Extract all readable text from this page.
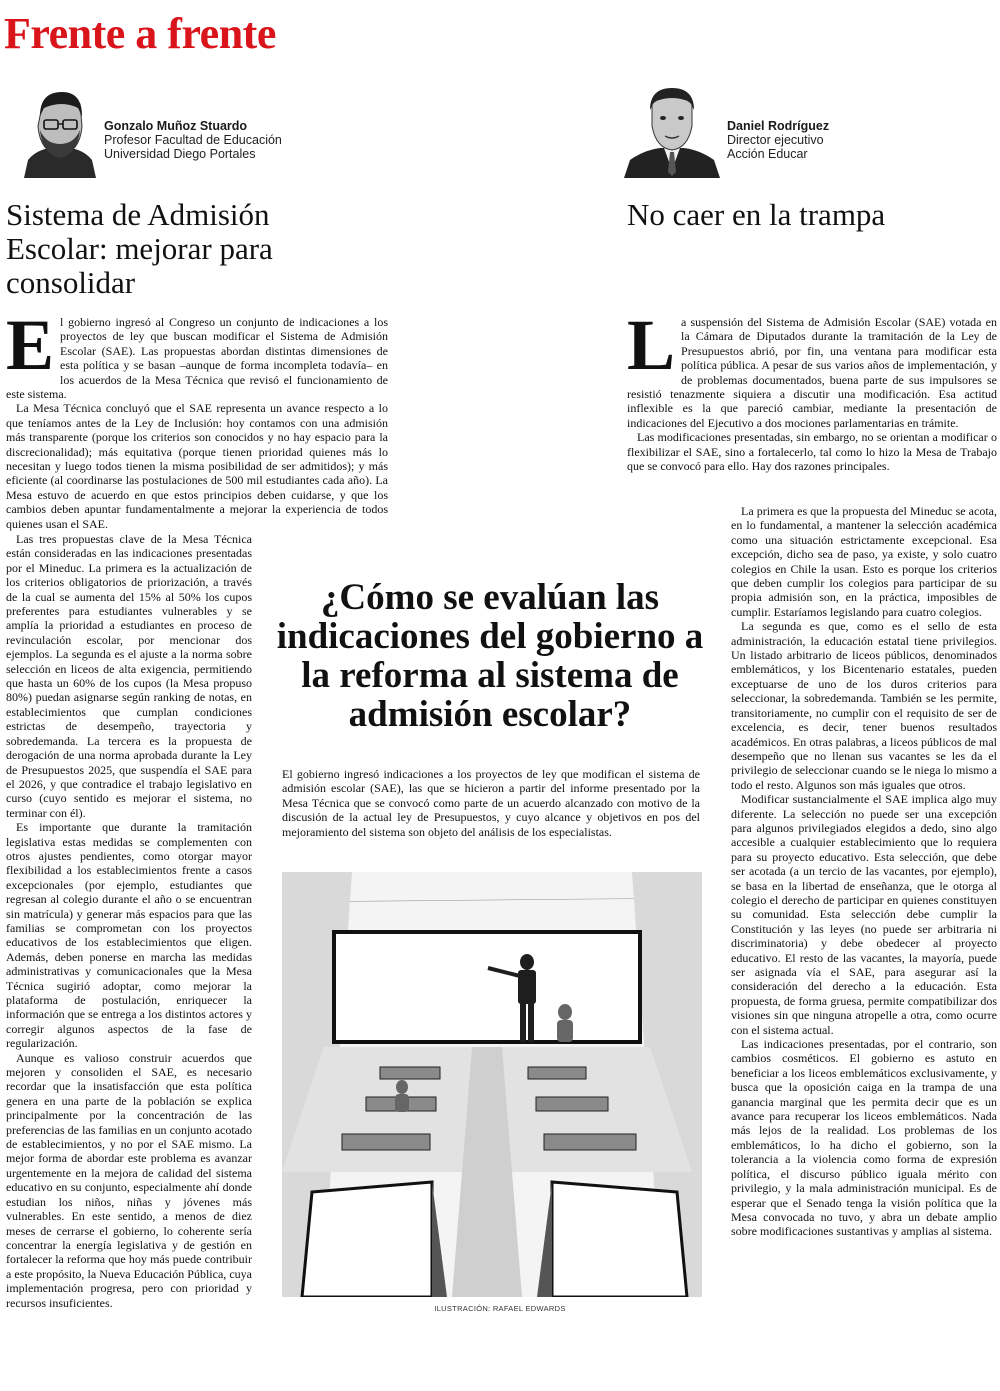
Frente a frente
Gonzalo Muñoz Stuardo
Profesor Facultad de Educación
Universidad Diego Portales
Daniel Rodríguez
Director ejecutivo
Acción Educar
Sistema de Admisión Escolar: mejorar para consolidar
No caer en la trampa
E l gobierno ingresó al Congreso un conjunto de indicaciones a los proyectos de ley que buscan modificar el Sistema de Admisión Escolar (SAE). Las propuestas abordan distintas dimensiones de esta política y se basan –aunque de forma incompleta todavía– en los acuerdos de la Mesa Técnica que revisó el funcionamiento de este sistema.

La Mesa Técnica concluyó que el SAE representa un avance respecto a lo que teníamos antes de la Ley de Inclusión: hoy contamos con una admisión más transparente (porque los criterios son conocidos y no hay espacio para la discrecionalidad); más equitativa (porque tienen prioridad quienes más lo necesitan y luego todos tienen la misma posibilidad de ser admitidos); y más eficiente (al coordinarse las postulaciones de 500 mil estudiantes cada año). La Mesa estuvo de acuerdo en que estos principios deben cuidarse, y que los cambios deben apuntar fundamentalmente a mejorar la experiencia de todos quienes usan el SAE.

Las tres propuestas clave de la Mesa Técnica están consideradas en las indicaciones presentadas por el Mineduc. La primera es la actualización de los criterios obligatorios de priorización, a través de la cual se aumenta del 15% al 50% los cupos preferentes para estudiantes vulnerables y se amplía la prioridad a estudiantes en proceso de revinculación escolar, por mencionar dos ejemplos. La segunda es el ajuste a la norma sobre selección en liceos de alta exigencia, permitiendo que hasta un 60% de los cupos (la Mesa propuso 80%) puedan asignarse según ranking de notas, en establecimientos que cumplan condiciones estrictas de desempeño, trayectoria y sobredemanda. La tercera es la propuesta de derogación de una norma aprobada durante la Ley de Presupuestos 2025, que suspendía el SAE para el 2026, y que contradice el trabajo legislativo en curso (cuyo sentido es mejorar el sistema, no terminar con él).

Es importante que durante la tramitación legislativa estas medidas se complementen con otros ajustes pendientes, como otorgar mayor flexibilidad a los establecimientos frente a casos excepcionales (por ejemplo, estudiantes que regresan al colegio durante el año o se encuentran sin matrícula) y generar más espacios para que las familias se comprometan con los proyectos educativos de los establecimientos que eligen. Además, deben ponerse en marcha las medidas administrativas y comunicacionales que la Mesa Técnica sugirió adoptar, como mejorar la plataforma de postulación, enriquecer la información que se entrega a los distintos actores y corregir algunos aspectos de la fase de regularización.

Aunque es valioso construir acuerdos que mejoren y consoliden el SAE, es necesario recordar que la insatisfacción que esta política genera en una parte de la población se explica principalmente por la concentración de las preferencias de las familias en un conjunto acotado de establecimientos, y no por el SAE mismo. La mejor forma de abordar este problema es avanzar urgentemente en la mejora de calidad del sistema educativo en su conjunto, especialmente ahí donde estudian los niños, niñas y jóvenes más vulnerables. En este sentido, a menos de diez meses de cerrarse el gobierno, lo coherente sería concentrar la energía legislativa y de gestión en fortalecer la reforma que hoy más puede contribuir a este propósito, la Nueva Educación Pública, cuya implementación progresa, pero con prioridad y recursos insuficientes.

L a suspensión del Sistema de Admisión Escolar (SAE) votada en la Cámara de Diputados durante la tramitación de la Ley de Presupuestos abrió, por fin, una ventana para modificar esta política pública. A pesar de sus varios años de implementación, y de problemas documentados, buena parte de sus impulsores se resistió tenazmente siquiera a discutir una modificación. Esa actitud inflexible es la que pareció cambiar, mediante la presentación de indicaciones del Ejecutivo a dos mociones parlamentarias en trámite.

Las modificaciones presentadas, sin embargo, no se orientan a modificar o flexibilizar el SAE, sino a fortalecerlo, tal como lo hizo la Mesa de Trabajo que se convocó para ello. Hay dos razones principales.

La primera es que la propuesta del Mineduc se acota, en lo fundamental, a mantener la selección académica como una situación estrictamente excepcional. Esa excepción, dicho sea de paso, ya existe, y solo cuatro colegios en Chile la usan. Esto es porque los criterios que deben cumplir los colegios para participar de su propia admisión son, en la práctica, imposibles de cumplir. Estaríamos legislando para cuatro colegios.

La segunda es que, como es el sello de esta administración, la educación estatal tiene privilegios. Un listado arbitrario de liceos públicos, denominados emblemáticos, y los Bicentenario estatales, pueden exceptuarse de uno de los duros criterios para seleccionar, la sobredemanda. También se les permite, transitoriamente, no cumplir con el requisito de ser de excelencia, es decir, tener buenos resultados académicos. En otras palabras, a liceos públicos de mal desempeño que no llenan sus vacantes se les da el privilegio de seleccionar cuando se le niega lo mismo a todo el resto. Algunos son más iguales que otros.

Modificar sustancialmente el SAE implica algo muy diferente. La selección no puede ser una excepción para algunos privilegiados elegidos a dedo, sino algo accesible a cualquier establecimiento que lo requiera para su proyecto educativo. Esta selección, que debe ser acotada (a un tercio de las vacantes, por ejemplo), se basa en la libertad de enseñanza, que le otorga al colegio el derecho de participar en quienes constituyen su comunidad. Esta selección debe cumplir la Constitución y las leyes (no puede ser arbitraria ni discriminatoria) y debe obedecer al proyecto educativo. El resto de las vacantes, la mayoría, puede ser asignada vía el SAE, para asegurar así la consideración del derecho a la educación. Esta propuesta, de forma gruesa, permite compatibilizar dos visiones sin que ninguna atropelle a otra, como ocurre con el sistema actual.

Las indicaciones presentadas, por el contrario, son cambios cosméticos. El gobierno es astuto en beneficiar a los liceos emblemáticos exclusivamente, y busca que la oposición caiga en la trampa de una ganancia marginal que les permita decir que es un avance para recuperar los liceos emblemáticos. Nada más lejos de la realidad. Los problemas de los emblemáticos, lo ha dicho el gobierno, son la tolerancia a la violencia como forma de expresión política, el discurso público iguala mérito con privilegio, y la mala administración municipal. Es de esperar que el Senado tenga la visión política que la Mesa convocada no tuvo, y abra un debate amplio sobre modificaciones sustantivas y amplias al sistema.

¿Cómo se evalúan las indicaciones del gobierno a la reforma al sistema de admisión escolar?

El gobierno ingresó indicaciones a los proyectos de ley que modifican el sistema de admisión escolar (SAE), las que se hicieron a partir del informe presentado por la Mesa Técnica que se convocó como parte de un acuerdo alcanzado con motivo de la discusión de la actual ley de Presupuestos, y cuyo alcance y objetivos en pos del mejoramiento del sistema son objeto del análisis de los especialistas.

ILUSTRACIÓN: RAFAEL EDWARDS
